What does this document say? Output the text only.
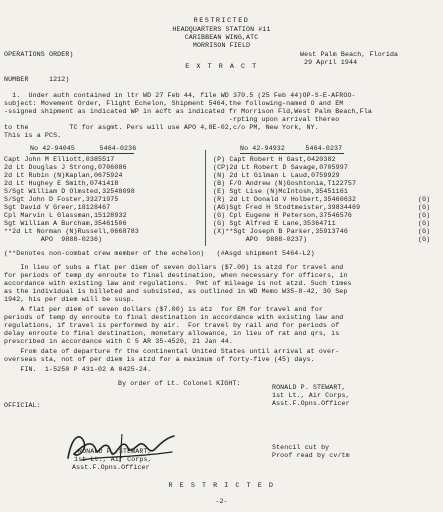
RESTRICTED
HEADQUARTERS STATION #11
CARIBBEAN WING,ATC
MORRISON FIELD
OPERATIONS ORDER)	West Palm Beach, Florida
29 April 1944
E X T R A C T
NUMBER     1212)
1.  Under auth contained in ltr WD 27 Feb 44, file WD 370.5 (25 Feb 44)OP-S-E-AFROO-
subject: Movement Order, Flight Echelon, Shipment 5464,the following-named O and EM
-ssigned shipment as indicated WP in acft as indicated fr Morrison Fld,West Palm Beach,Fla
-rpting upon arrival thereo
to the          TC for asgmt. Pers will use APO 4,8E-02,c/o PM, New York, NY.
This is a PCS.
No 42-94045      5464-0236	No 42-94932     5464-0237
Capt John M Elliott,0385517
2d Lt Douglas J Strong,0706086
2d Lt Rubin (N)Kaplan,0675924
2d Lt Hughey E Smith,0741418
S/Sgt William D Olmsted,32548098
S/Sgt John D Foster,33271975
Sgt David V Greer,18128467
Cpl Marvin L Glassman,15128932
Sgt William A Burcham,35461506
**2d Lt Norman (N)Russell,0668783
APO  9888-0236)
(P) Capt Robert H Gast,0420382
(CP)2d Lt Robert D Savage,0705997
(N) 2d Lt Gilman L Laud,0759929
(B) F/O Andrew (N)Goshtonia,T122757
(E) Sgt Lise (N)McIntosh,35451161
(R) 2d Lt Donald V Holbert,35460632
(AG)Sgt Fred H Stodtmeister,39834469
(G) Cpl Eugene H Peterson,37546576
(G) Sgt Alfred E Lane,35364711
(X)**Sgt Joseph B Parker,35913746
APO  9888-0237)
(G)
(G)
(G)
(G)
(G)
(G)
(**Denotes non-combat crew member of the echelon)   (#Asgd shipment 5464-L2)
In lieu of subs a flat per diem of seven dollars ($7.00) is atzd for travel and
for periods of temp dy enroute to final destination, when necessary for officers, in
accordance with existing law and regulations.  Pmt of mileage is not atzd. Such times
as the individual is billeted and subsisted, as outlined in WD Memo W35-8-42, 30 Sep
1942, his per diem will be susp.
A flat per diem of seven dollars ($7.00) is atz  for EM for travel and for
periods of temp dy enroute to final destination in accordance with existing law and
regulations, if travel is performed by air.  For travel by rail and for periods of
delay enroute to final destination, monetary allowance, in lieu of rat and qrs, is
prescribed in accordance with C 5 AR 35-4520, 21 Jan 44.
From date of departure fr the continental United States until arrival at over-
overseas sta, not of per diem is atzd for a maximum of forty-five (45) days.
FIN.  1-5250 P 431-02 A 0425-24.
By order of Lt. Colonel KIGHT:
OFFICIAL:
RONALD P. STEWART,
1st Lt., Air Corps,
Asst.F.Opns.Officer
RONALD P. STEWART,
1st Lt., Air Corps,
Asst.F.Opns.Officer
Stencil cut by
Proof read by cv/tm
R E S T R I C T E D
-2-
